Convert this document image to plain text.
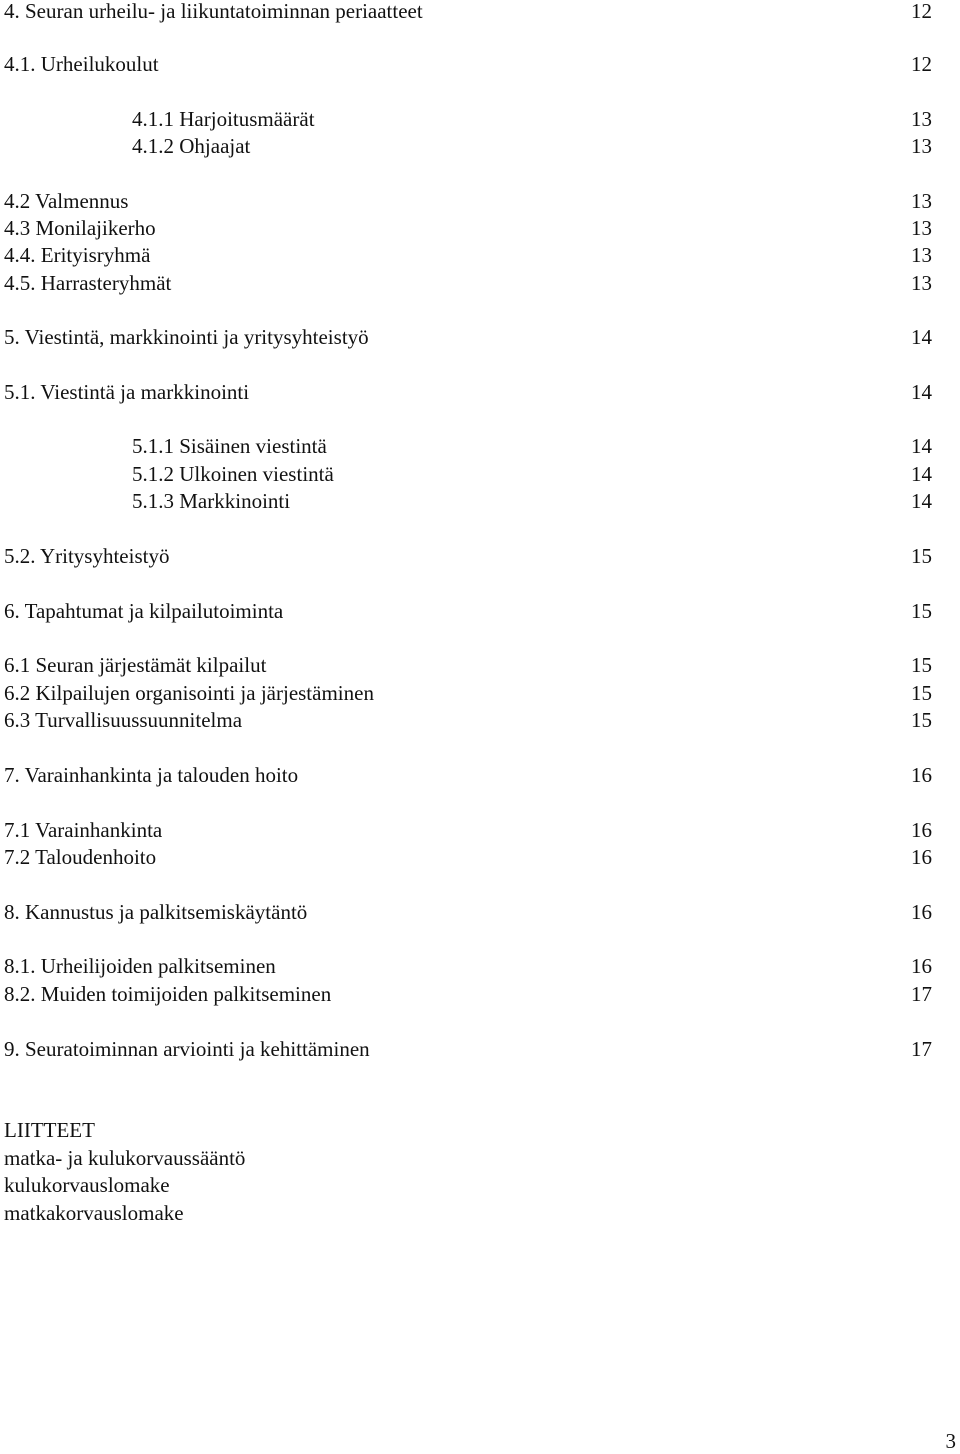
4. Seuran urheilu- ja liikuntatoiminnan periaatteet	12
4.1. Urheilukoulut	12
4.1.1 Harjoitusmäärät	13
4.1.2 Ohjaajat	13
4.2 Valmennus	13
4.3 Monilajikerho	13
4.4. Erityisryhmä	13
4.5. Harrasteryhmät	13
5. Viestintä, markkinointi ja yritysyhteistyö	14
5.1. Viestintä ja markkinointi	14
5.1.1 Sisäinen viestintä	14
5.1.2 Ulkoinen viestintä	14
5.1.3 Markkinointi	14
5.2. Yritysyhteistyö	15
6. Tapahtumat ja kilpailutoiminta	15
6.1 Seuran järjestämät kilpailut	15
6.2 Kilpailujen organisointi ja järjestäminen	15
6.3 Turvallisuussuunnitelma	15
7. Varainhankinta ja talouden hoito	16
7.1 Varainhankinta	16
7.2 Taloudenhoito	16
8. Kannustus ja palkitsemiskäytäntö	16
8.1. Urheilijoiden palkitseminen	16
8.2. Muiden toimijoiden palkitseminen	17
9. Seuratoiminnan arviointi ja kehittäminen	17
LIITTEET
matka- ja kulukorvaussääntö
kulukorvauslomake
matkakorvauslomake
3
